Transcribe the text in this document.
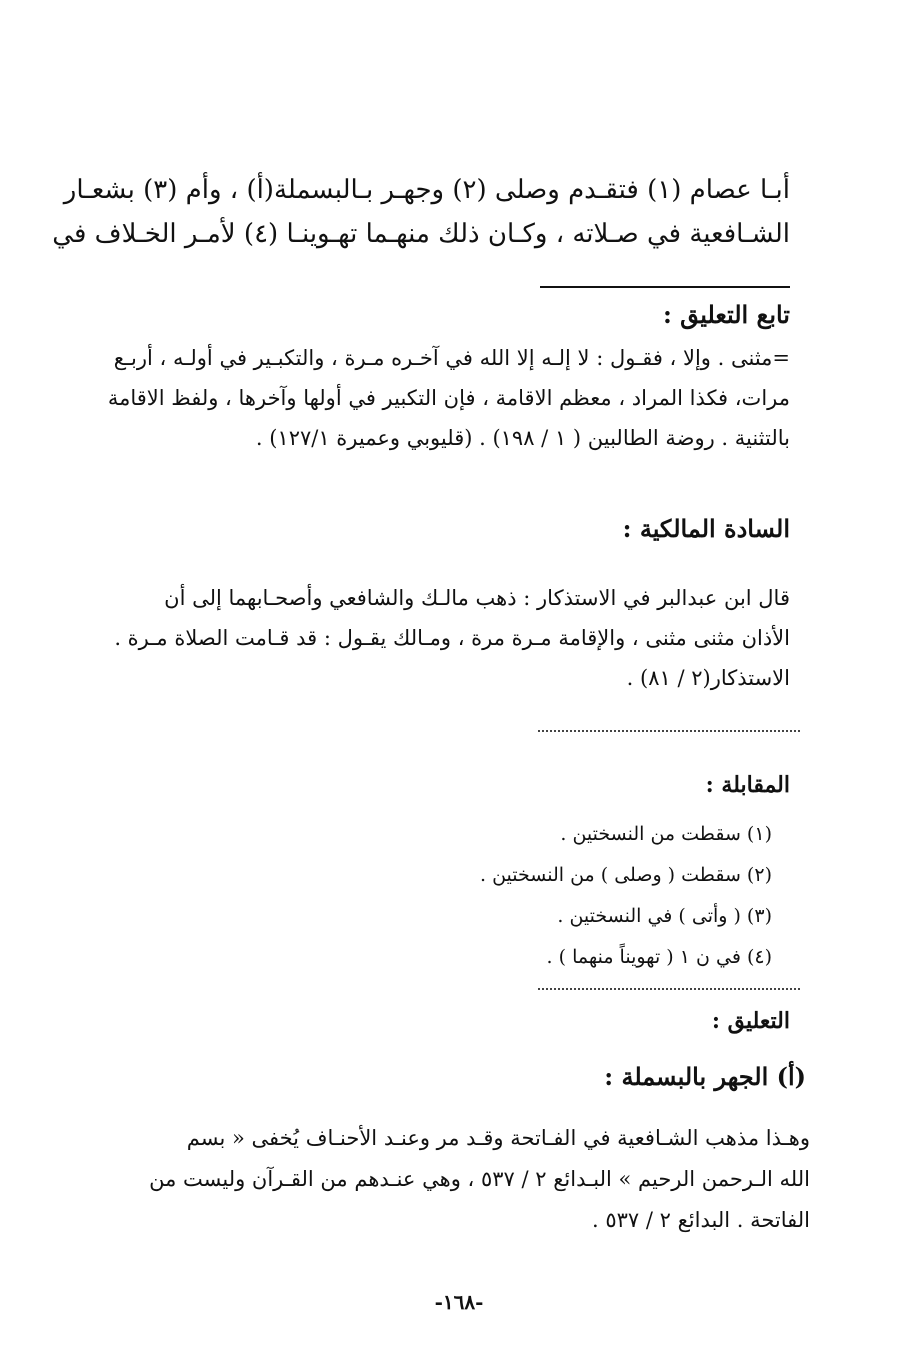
أبـا عصام (١) فتقـدم وصلى (٢) وجهـر بـالبسملة(أ) ، وأم (٣) بشعـار
الشـافعية في صـلاته ، وكـان ذلك منهـما تهـوينـا (٤) لأمـر الخـلاف في
تابع التعليق :
=مثنى . وإلا ، فقـول : لا إلـه إلا الله في آخـره مـرة ، والتكبـير في أولـه ، أربـع
مرات، فكذا المراد ، معظم الاقامة ، فإن التكبير في أولها وآخرها ، ولفظ الاقامة
بالتثنية . روضة الطالبين ( ١ / ١٩٨) . (قليوبي وعميرة ١٢٧/١) .
السادة المالكية :
قال ابن عبدالبر في الاستذكار : ذهب مالـك والشافعي وأصحـابهما إلى أن
الأذان مثنى مثنى ، والإقامة مـرة مرة ، ومـالك يقـول : قد قـامت الصلاة مـرة .
الاستذكار(٢ / ٨١) .
المقابلة :
(١) سقطت من النسختين .
(٢) سقطت ( وصلى ) من النسختين .
(٣) ( وأتى ) في النسختين .
(٤) في ن ١ ( تهويناً منهما ) .
التعليق :
(أ) الجهر بالبسملة :
وهـذا مذهب الشـافعية في الفـاتحة وقـد مر وعنـد الأحنـاف يُخفى « بسم
الله الـرحمن الرحيم » البـدائع ٢ / ٥٣٧ ، وهي عنـدهم من القـرآن وليست من
الفاتحة . البدائع ٢ / ٥٣٧ .
-١٦٨-
